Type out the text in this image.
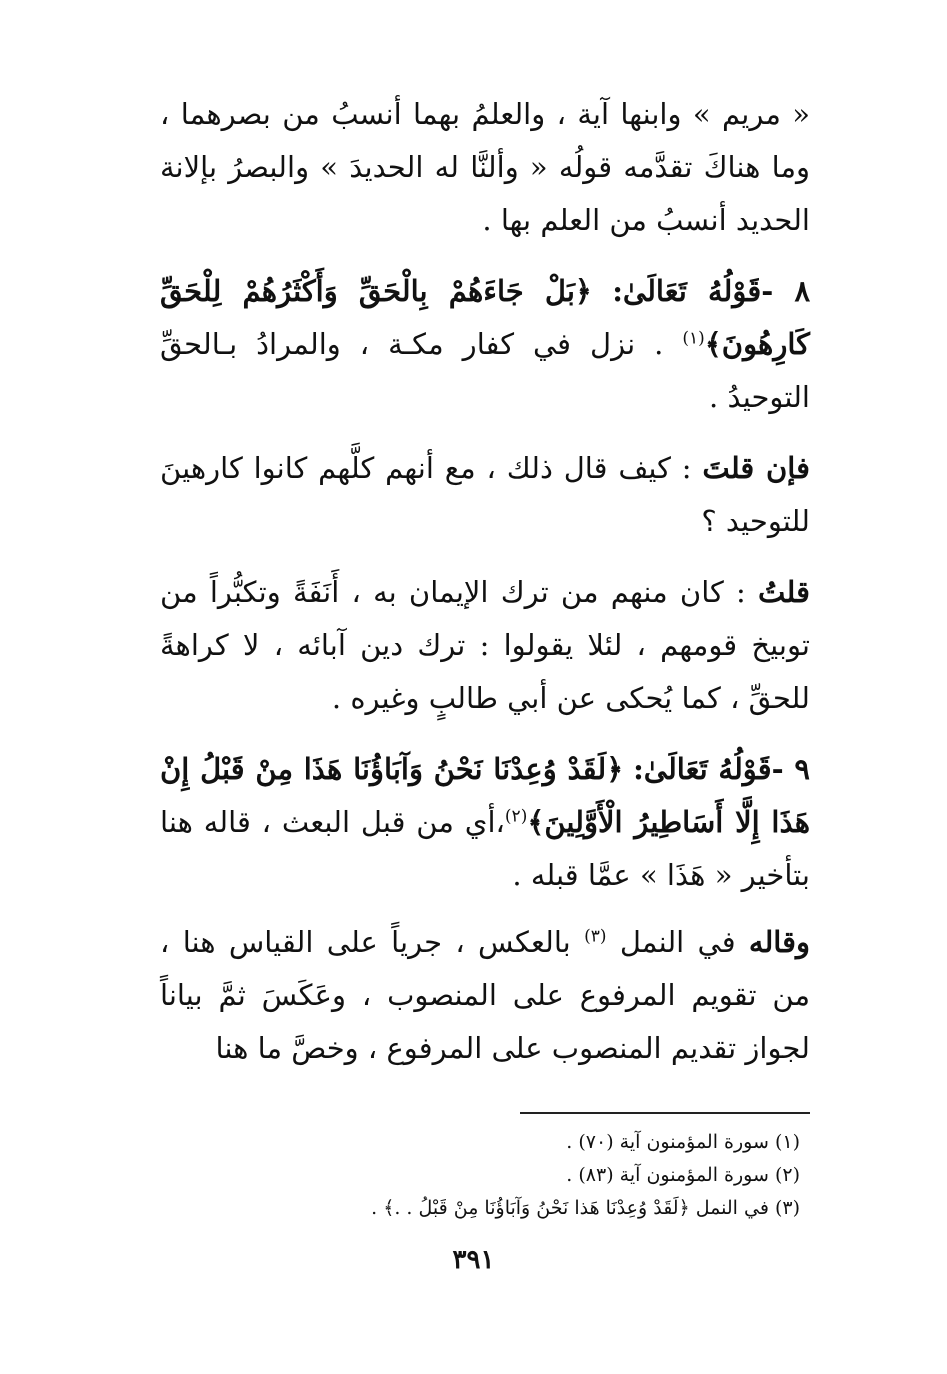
« مريم » وابنها آية ، والعلمُ بهما أنسبُ من بصرهما ، وما هناكَ تقدَّمه قولُه « وألنَّا له الحديدَ » والبصرُ بإلانة الحديد أنسبُ من العلم بها .

٨ -قَوْلُهُ تَعَالَىٰ: ﴿بَلْ جَاءَهُمْ بِالْحَقِّ وَأَكْثَرُهُمْ لِلْحَقِّ كَارِهُونَ﴾$^{(١)}$ . نزل في كفار مكـة ، والمرادُ بـالحقِّ التوحيدُ .

فإن قلتَ : كيف قال ذلك ، مع أنهم كلَّهم كانوا كارهينَ للتوحيد ؟

قلتُ : كان منهم من ترك الإيمان به ، أَنَفَةً وتكبُّراً من توبيخ قومهم ، لئلا يقولوا : ترك دين آبائه ، لا كراهةً للحقِّ ، كما يُحكى عن أبي طالبٍ وغيره .

٩ -قَوْلُهُ تَعَالَىٰ: ﴿لَقَدْ وُعِدْنَا نَحْنُ وَآبَاؤُنَا هَذَا مِنْ قَبْلُ إِنْ هَذَا إِلَّا أَسَاطِيرُ الْأَوَّلِينَ﴾$^{(٢)}$،أي من قبل البعث ، قاله هنا بتأخير « هَذَا » عمَّا قبله .

وقاله في النمل $^{(٣)}$ بالعكس ، جرياً على القياس هنا ، من تقويم المرفوع على المنصوب ، وعَكَسَ ثمَّ بياناً لجواز تقديم المنصوب على المرفوع ، وخصَّ ما هنا

(١) سورة المؤمنون آية (٧٠) .

(٢) سورة المؤمنون آية (٨٣) .

(٣) في النمل ﴿لَقَدْ وُعِدْنَا هَذا نَحْنُ وَآبَاؤُنَا مِنْ قَبْلُ . .﴾ .

٣٩١
